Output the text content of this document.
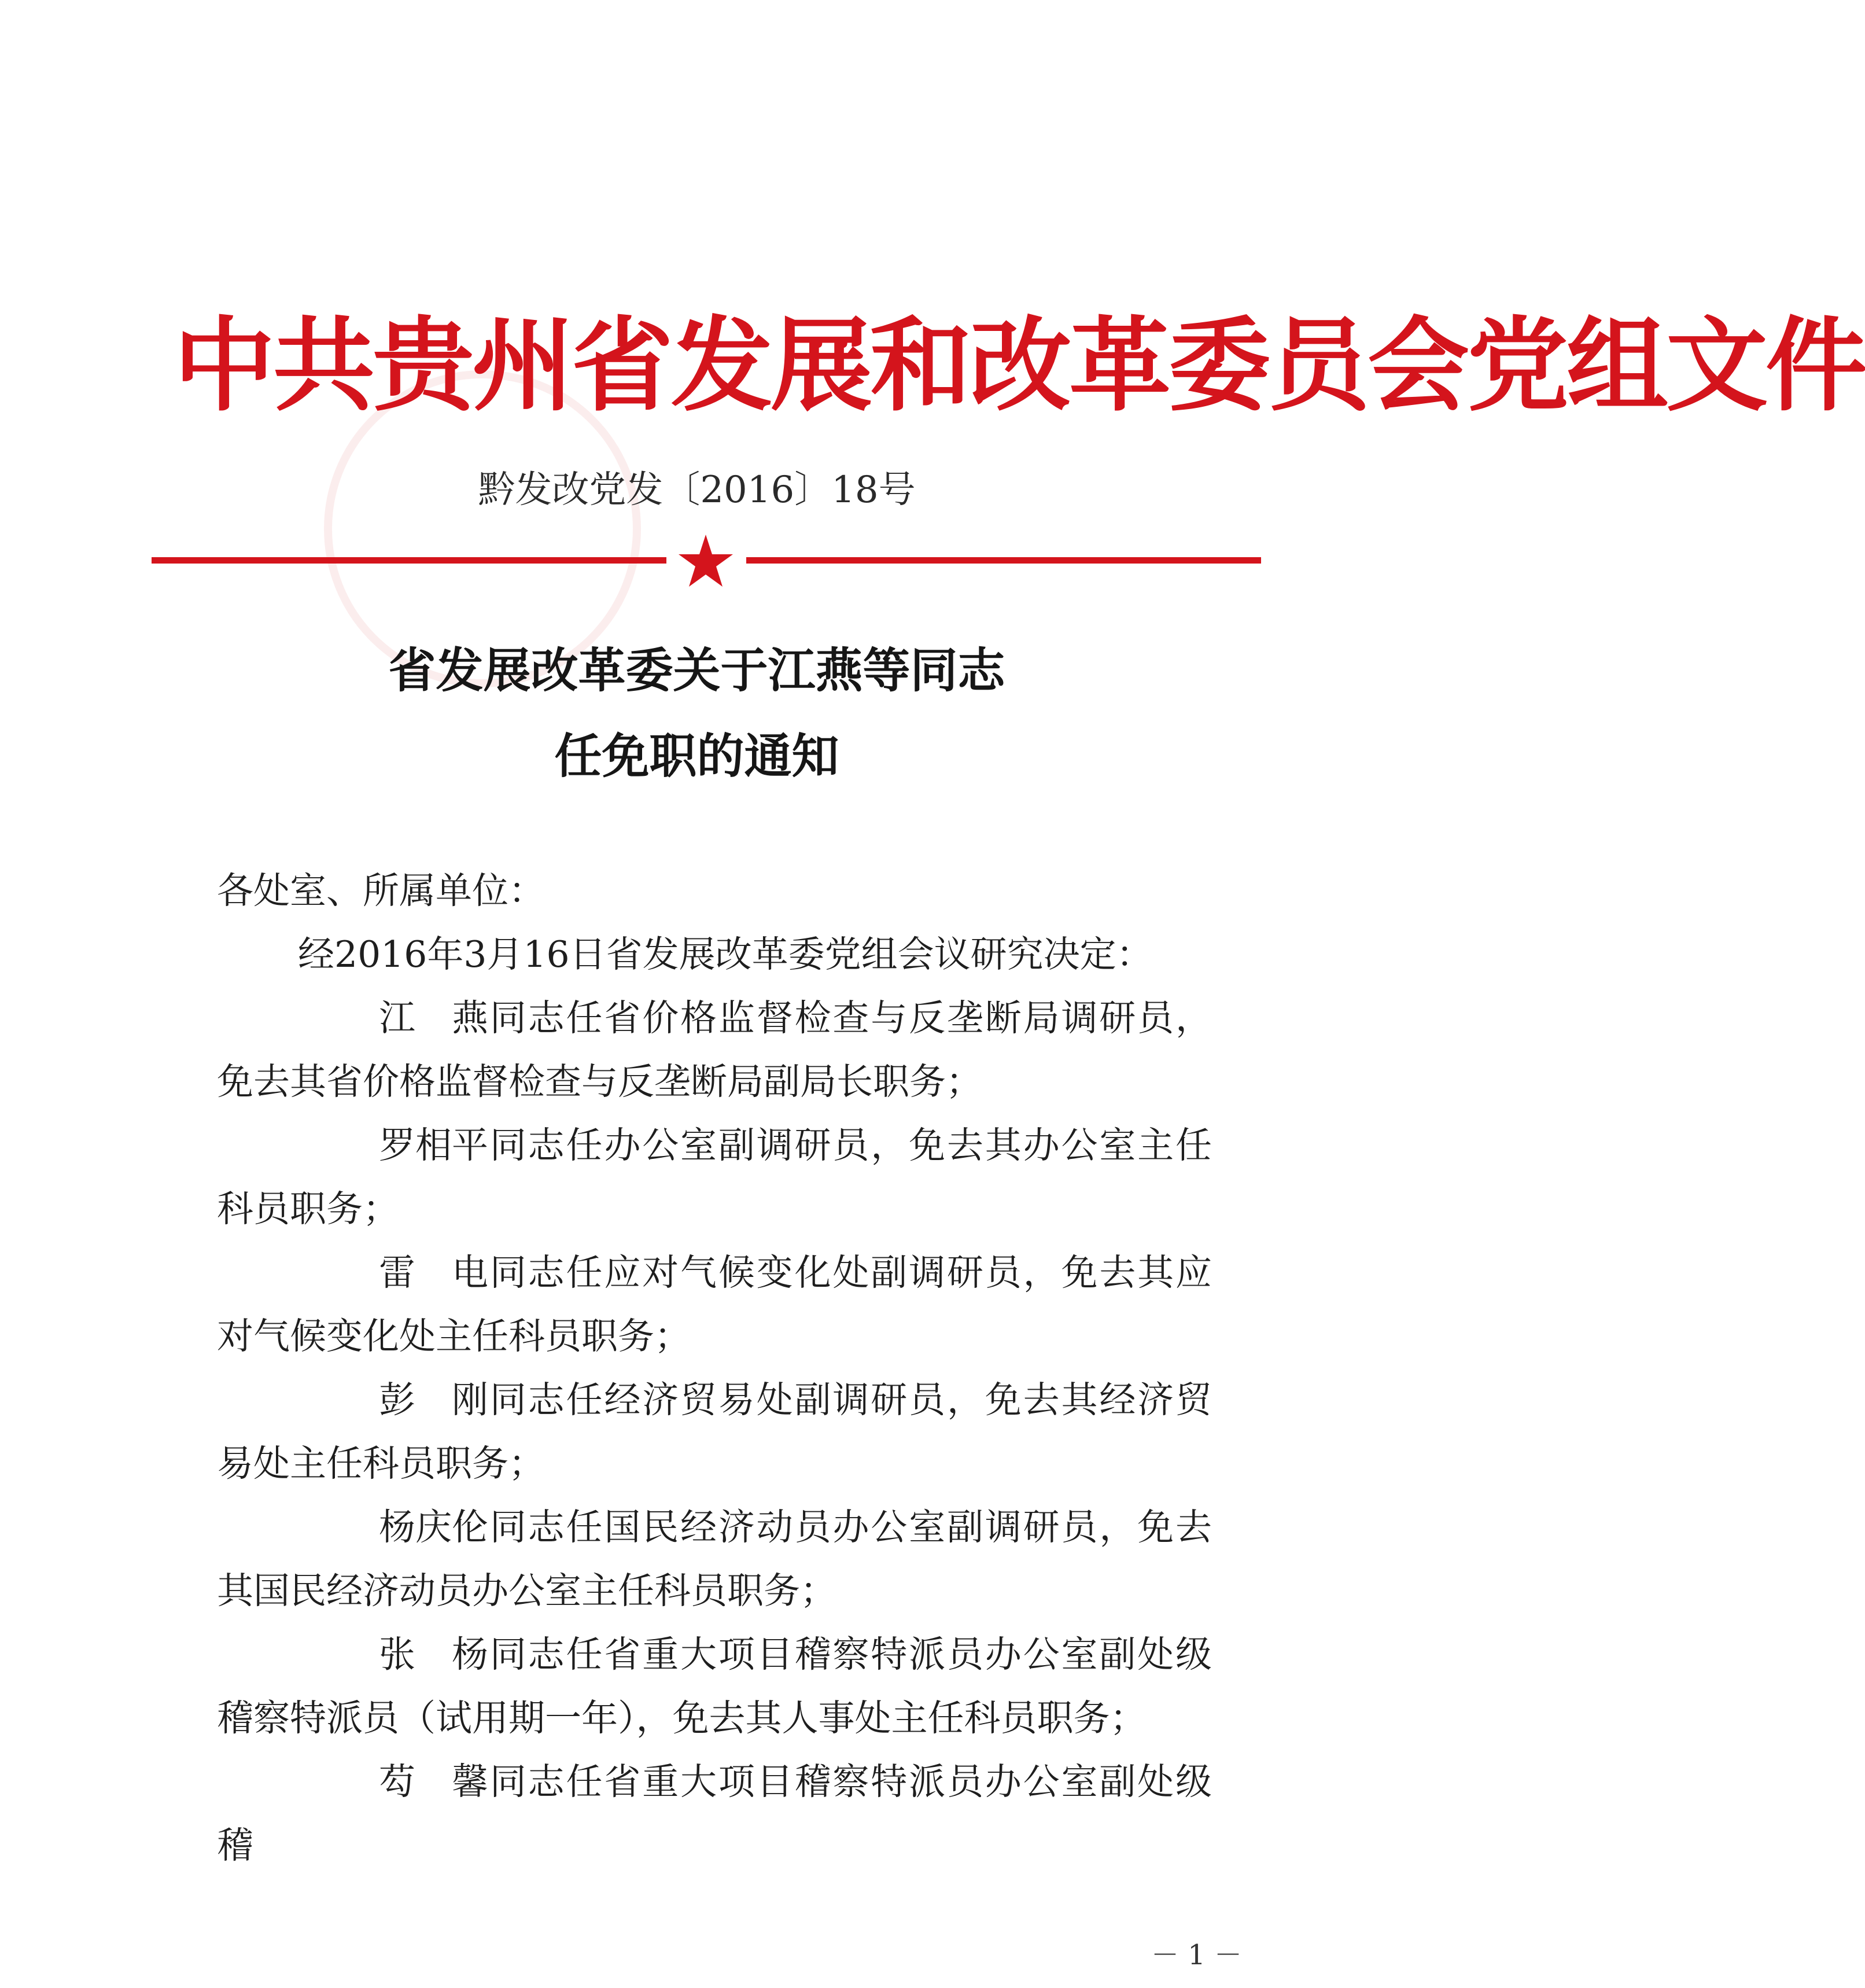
中共贵州省发展和改革委员会党组文件
黔发改党发〔2016〕18号
省发展改革委关于江燕等同志
任免职的通知
各处室、所属单位：
经2016年3月16日省发展改革委党组会议研究决定：
江　燕同志任省价格监督检查与反垄断局调研员，免去其省价格监督检查与反垄断局副局长职务；
罗相平同志任办公室副调研员，免去其办公室主任科员职务；
雷　电同志任应对气候变化处副调研员，免去其应对气候变化处主任科员职务；
彭　刚同志任经济贸易处副调研员，免去其经济贸易处主任科员职务；
杨庆伦同志任国民经济动员办公室副调研员，免去其国民经济动员办公室主任科员职务；
张　杨同志任省重大项目稽察特派员办公室副处级稽察特派员（试用期一年），免去其人事处主任科员职务；
芶　馨同志任省重大项目稽察特派员办公室副处级稽
－ 1 －
